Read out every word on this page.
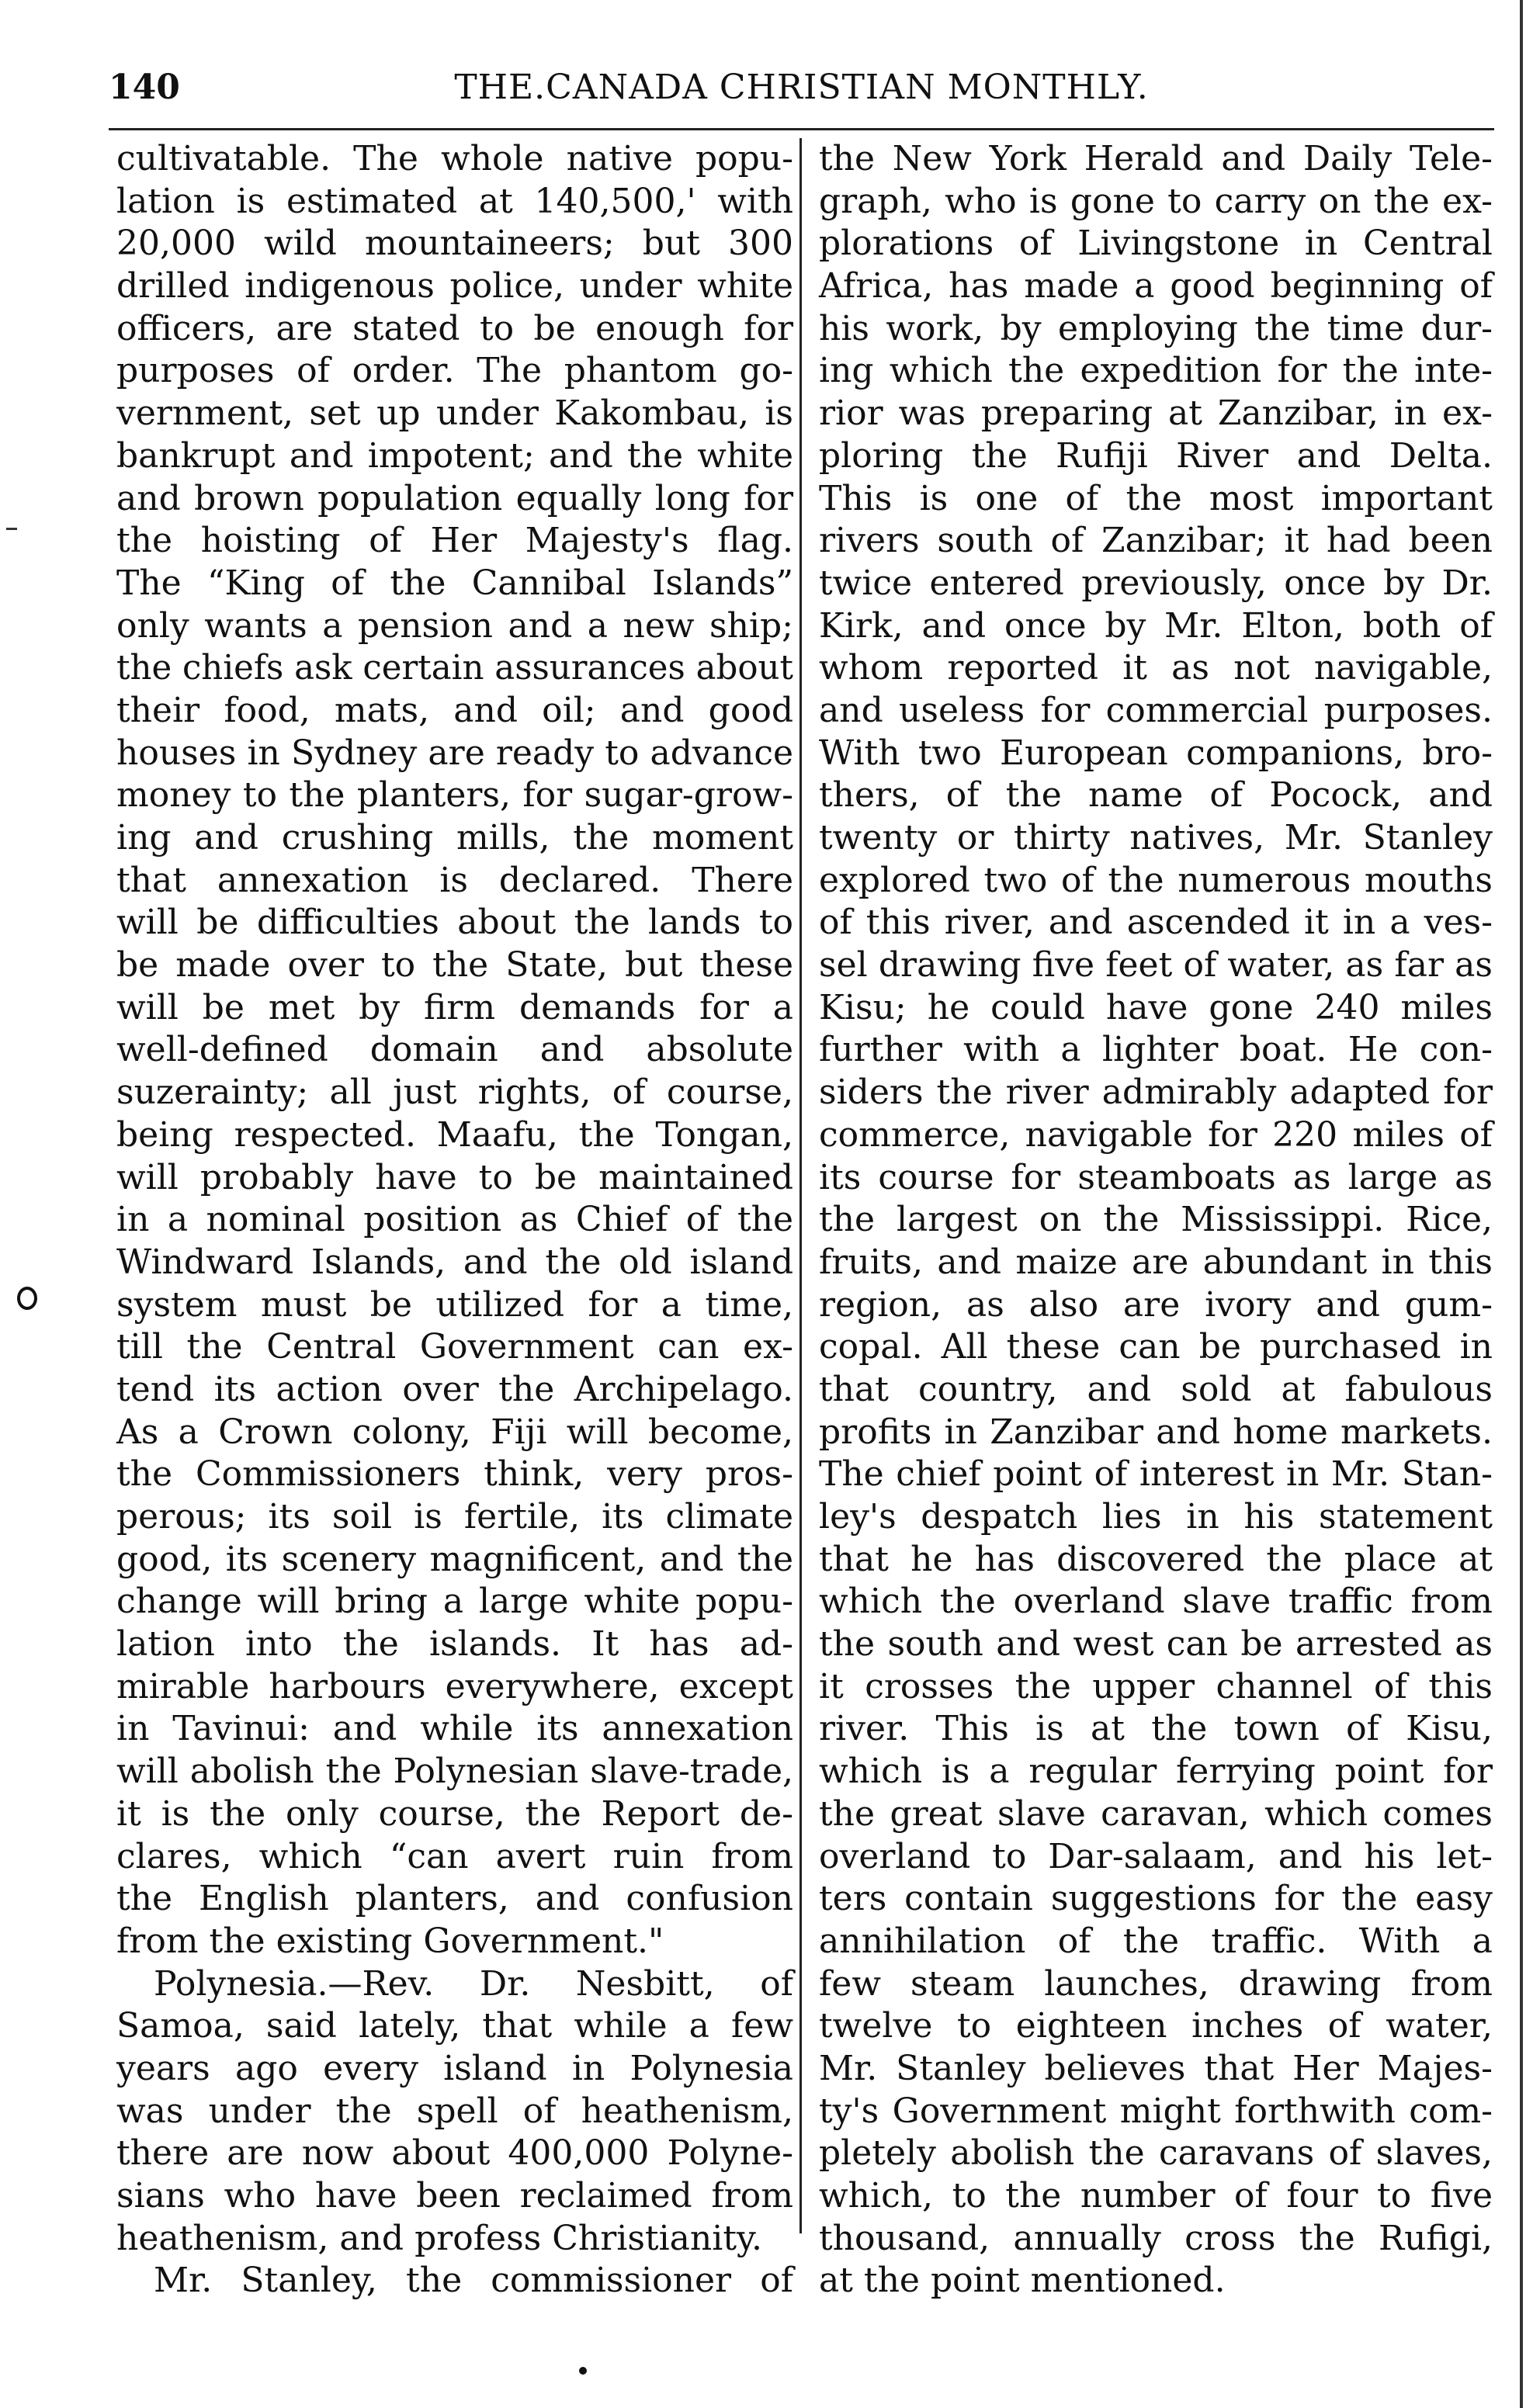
140	THE.CANADA CHRISTIAN MONTHLY.
cultivatable. The whole native popu-
lation is estimated at 140,500,' with
20,000 wild mountaineers; but 300
drilled indigenous police, under white
officers, are stated to be enough for
purposes of order. The phantom go-
vernment, set up under Kakombau, is
bankrupt and impotent; and the white
and brown population equally long for
the hoisting of Her Majesty's flag.
The “King of the Cannibal Islands”
only wants a pension and a new ship;
the chiefs ask certain assurances about
their food, mats, and oil; and good
houses in Sydney are ready to advance
money to the planters, for sugar-grow-
ing and crushing mills, the moment
that annexation is declared. There
will be difficulties about the lands to
be made over to the State, but these
will be met by firm demands for a
well-defined domain and absolute
suzerainty; all just rights, of course,
being respected. Maafu, the Tongan,
will probably have to be maintained
in a nominal position as Chief of the
Windward Islands, and the old island
system must be utilized for a time,
till the Central Government can ex-
tend its action over the Archipelago.
As a Crown colony, Fiji will become,
the Commissioners think, very pros-
perous; its soil is fertile, its climate
good, its scenery magnificent, and the
change will bring a large white popu-
lation into the islands. It has ad-
mirable harbours everywhere, except
in Tavinui: and while its annexation
will abolish the Polynesian slave-trade,
it is the only course, the Report de-
clares, which “can avert ruin from
the English planters, and confusion
from the existing Government."
Polynesia.—Rev. Dr. Nesbitt, of
Samoa, said lately, that while a few
years ago every island in Polynesia
was under the spell of heathenism,
there are now about 400,000 Polyne-
sians who have been reclaimed from
heathenism, and profess Christianity.
Mr. Stanley, the commissioner of
the New York Herald and Daily Tele-
graph, who is gone to carry on the ex-
plorations of Livingstone in Central
Africa, has made a good beginning of
his work, by employing the time dur-
ing which the expedition for the inte-
rior was preparing at Zanzibar, in ex-
ploring the Rufiji River and Delta.
This is one of the most important
rivers south of Zanzibar; it had been
twice entered previously, once by Dr.
Kirk, and once by Mr. Elton, both of
whom reported it as not navigable,
and useless for commercial purposes.
With two European companions, bro-
thers, of the name of Pocock, and
twenty or thirty natives, Mr. Stanley
explored two of the numerous mouths
of this river, and ascended it in a ves-
sel drawing five feet of water, as far as
Kisu; he could have gone 240 miles
further with a lighter boat. He con-
siders the river admirably adapted for
commerce, navigable for 220 miles of
its course for steamboats as large as
the largest on the Mississippi. Rice,
fruits, and maize are abundant in this
region, as also are ivory and gum-
copal. All these can be purchased in
that country, and sold at fabulous
profits in Zanzibar and home markets.
The chief point of interest in Mr. Stan-
ley's despatch lies in his statement
that he has discovered the place at
which the overland slave traffic from
the south and west can be arrested as
it crosses the upper channel of this
river. This is at the town of Kisu,
which is a regular ferrying point for
the great slave caravan, which comes
overland to Dar-salaam, and his let-
ters contain suggestions for the easy
annihilation of the traffic. With a
few steam launches, drawing from
twelve to eighteen inches of water,
Mr. Stanley believes that Her Majes-
ty's Government might forthwith com-
pletely abolish the caravans of slaves,
which, to the number of four to five
thousand, annually cross the Rufigi,
at the point mentioned.
